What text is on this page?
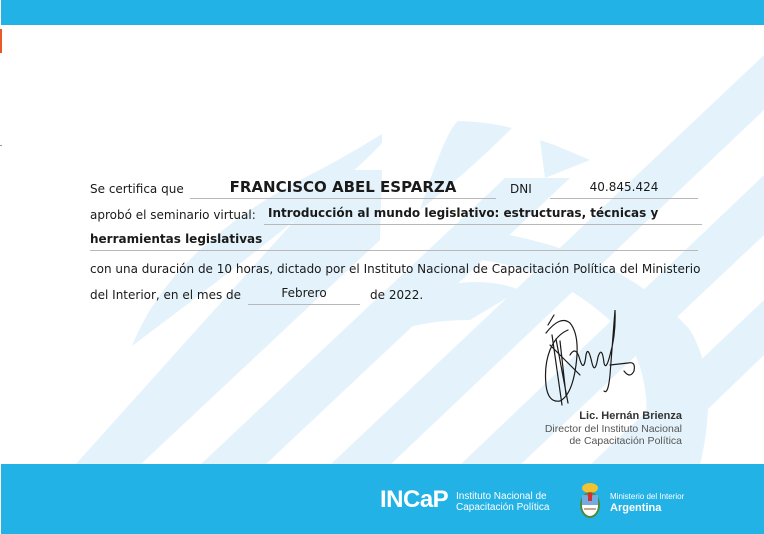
Se certifica que	FRANCISCO ABEL ESPARZA	DNI	40.845.424
aprobó el seminario virtual:	Introducción al mundo legislativo: estructuras, técnicas y
herramientas legislativas
con una duración de 10 horas, dictado por el Instituto Nacional de Capacitación Política del Ministerio
del Interior, en el mes de	Febrero	de 2022.
Lic. Hernán Brienza
Director del Instituto Nacional
de Capacitación Política
INCaP Instituto Nacional de
Capacitación Política
Ministerio del Interior
Argentina
